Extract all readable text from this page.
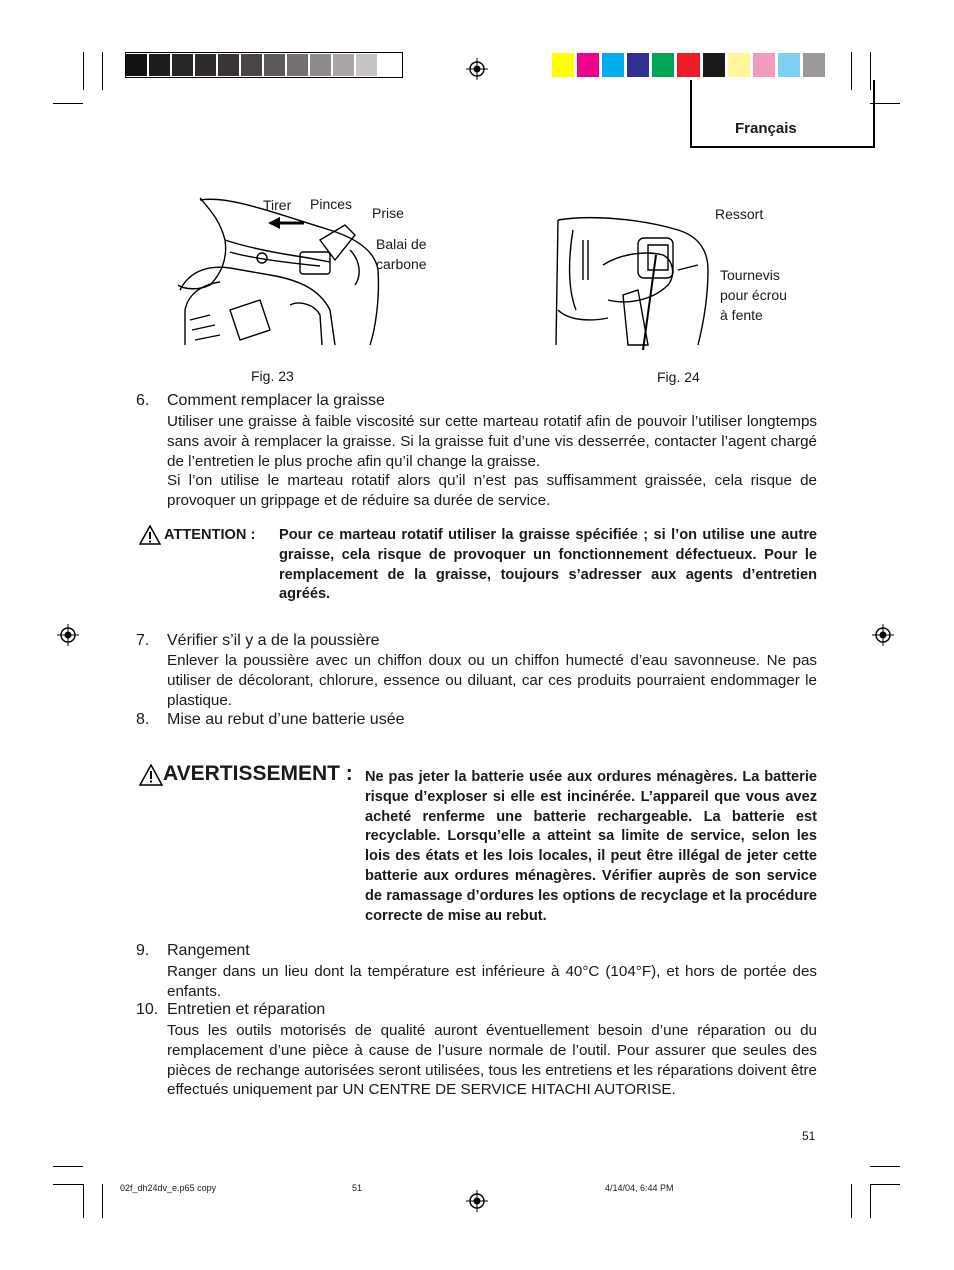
Français
Tirer Pinces
Prise
Balai de
carbone
Fig. 23
Ressort
Tournevis
pour écrou
à fente
Fig. 24
6. Comment remplacer la graisse
Utiliser une graisse à faible viscosité sur cette marteau rotatif afin de pouvoir l’utiliser longtemps sans avoir à remplacer la graisse. Si la graisse fuit d’une vis desserrée, contacter l’agent chargé de l’entretien le plus proche afin qu’il change la graisse.
Si l’on utilise le marteau rotatif alors qu’il n’est pas suffisamment graissée, cela risque de provoquer un grippage et de réduire sa durée de service.
ATTENTION : Pour ce marteau rotatif utiliser la graisse spécifiée ; si l’on utilise une autre graisse, cela risque de provoquer un fonctionnement défectueux. Pour le remplacement de la graisse, toujours s’adresser aux agents d’entretien agréés.
7. Vérifier s’il y a de la poussière
Enlever la poussière avec un chiffon doux ou un chiffon humecté d’eau savonneuse. Ne pas utiliser de décolorant, chlorure, essence ou diluant, car ces produits pourraient endommager le plastique.
8. Mise au rebut d’une batterie usée
AVERTISSEMENT : Ne pas jeter la batterie usée aux ordures ménagères. La batterie risque d’exploser si elle est incinérée. L’appareil que vous avez acheté renferme une batterie rechargeable. La batterie est recyclable. Lorsqu’elle a atteint sa limite de service, selon les lois des états et les lois locales, il peut être illégal de jeter cette batterie aux ordures ménagères. Vérifier auprès de son service de ramassage d’ordures les options de recyclage et la procédure correcte de mise au rebut.
9. Rangement
Ranger dans un lieu dont la température est inférieure à 40°C (104°F), et hors de portée des enfants.
10. Entretien et réparation
Tous les outils motorisés de qualité auront éventuellement besoin d’une réparation ou du remplacement d’une pièce à cause de l’usure normale de l’outil. Pour assurer que seules des pièces de rechange autorisées seront utilisées, tous les entretiens et les réparations doivent être effectués uniquement par UN CENTRE DE SERVICE HITACHI AUTORISE.
51
02f_dh24dv_e.p65 copy	51	4/14/04, 6:44 PM
